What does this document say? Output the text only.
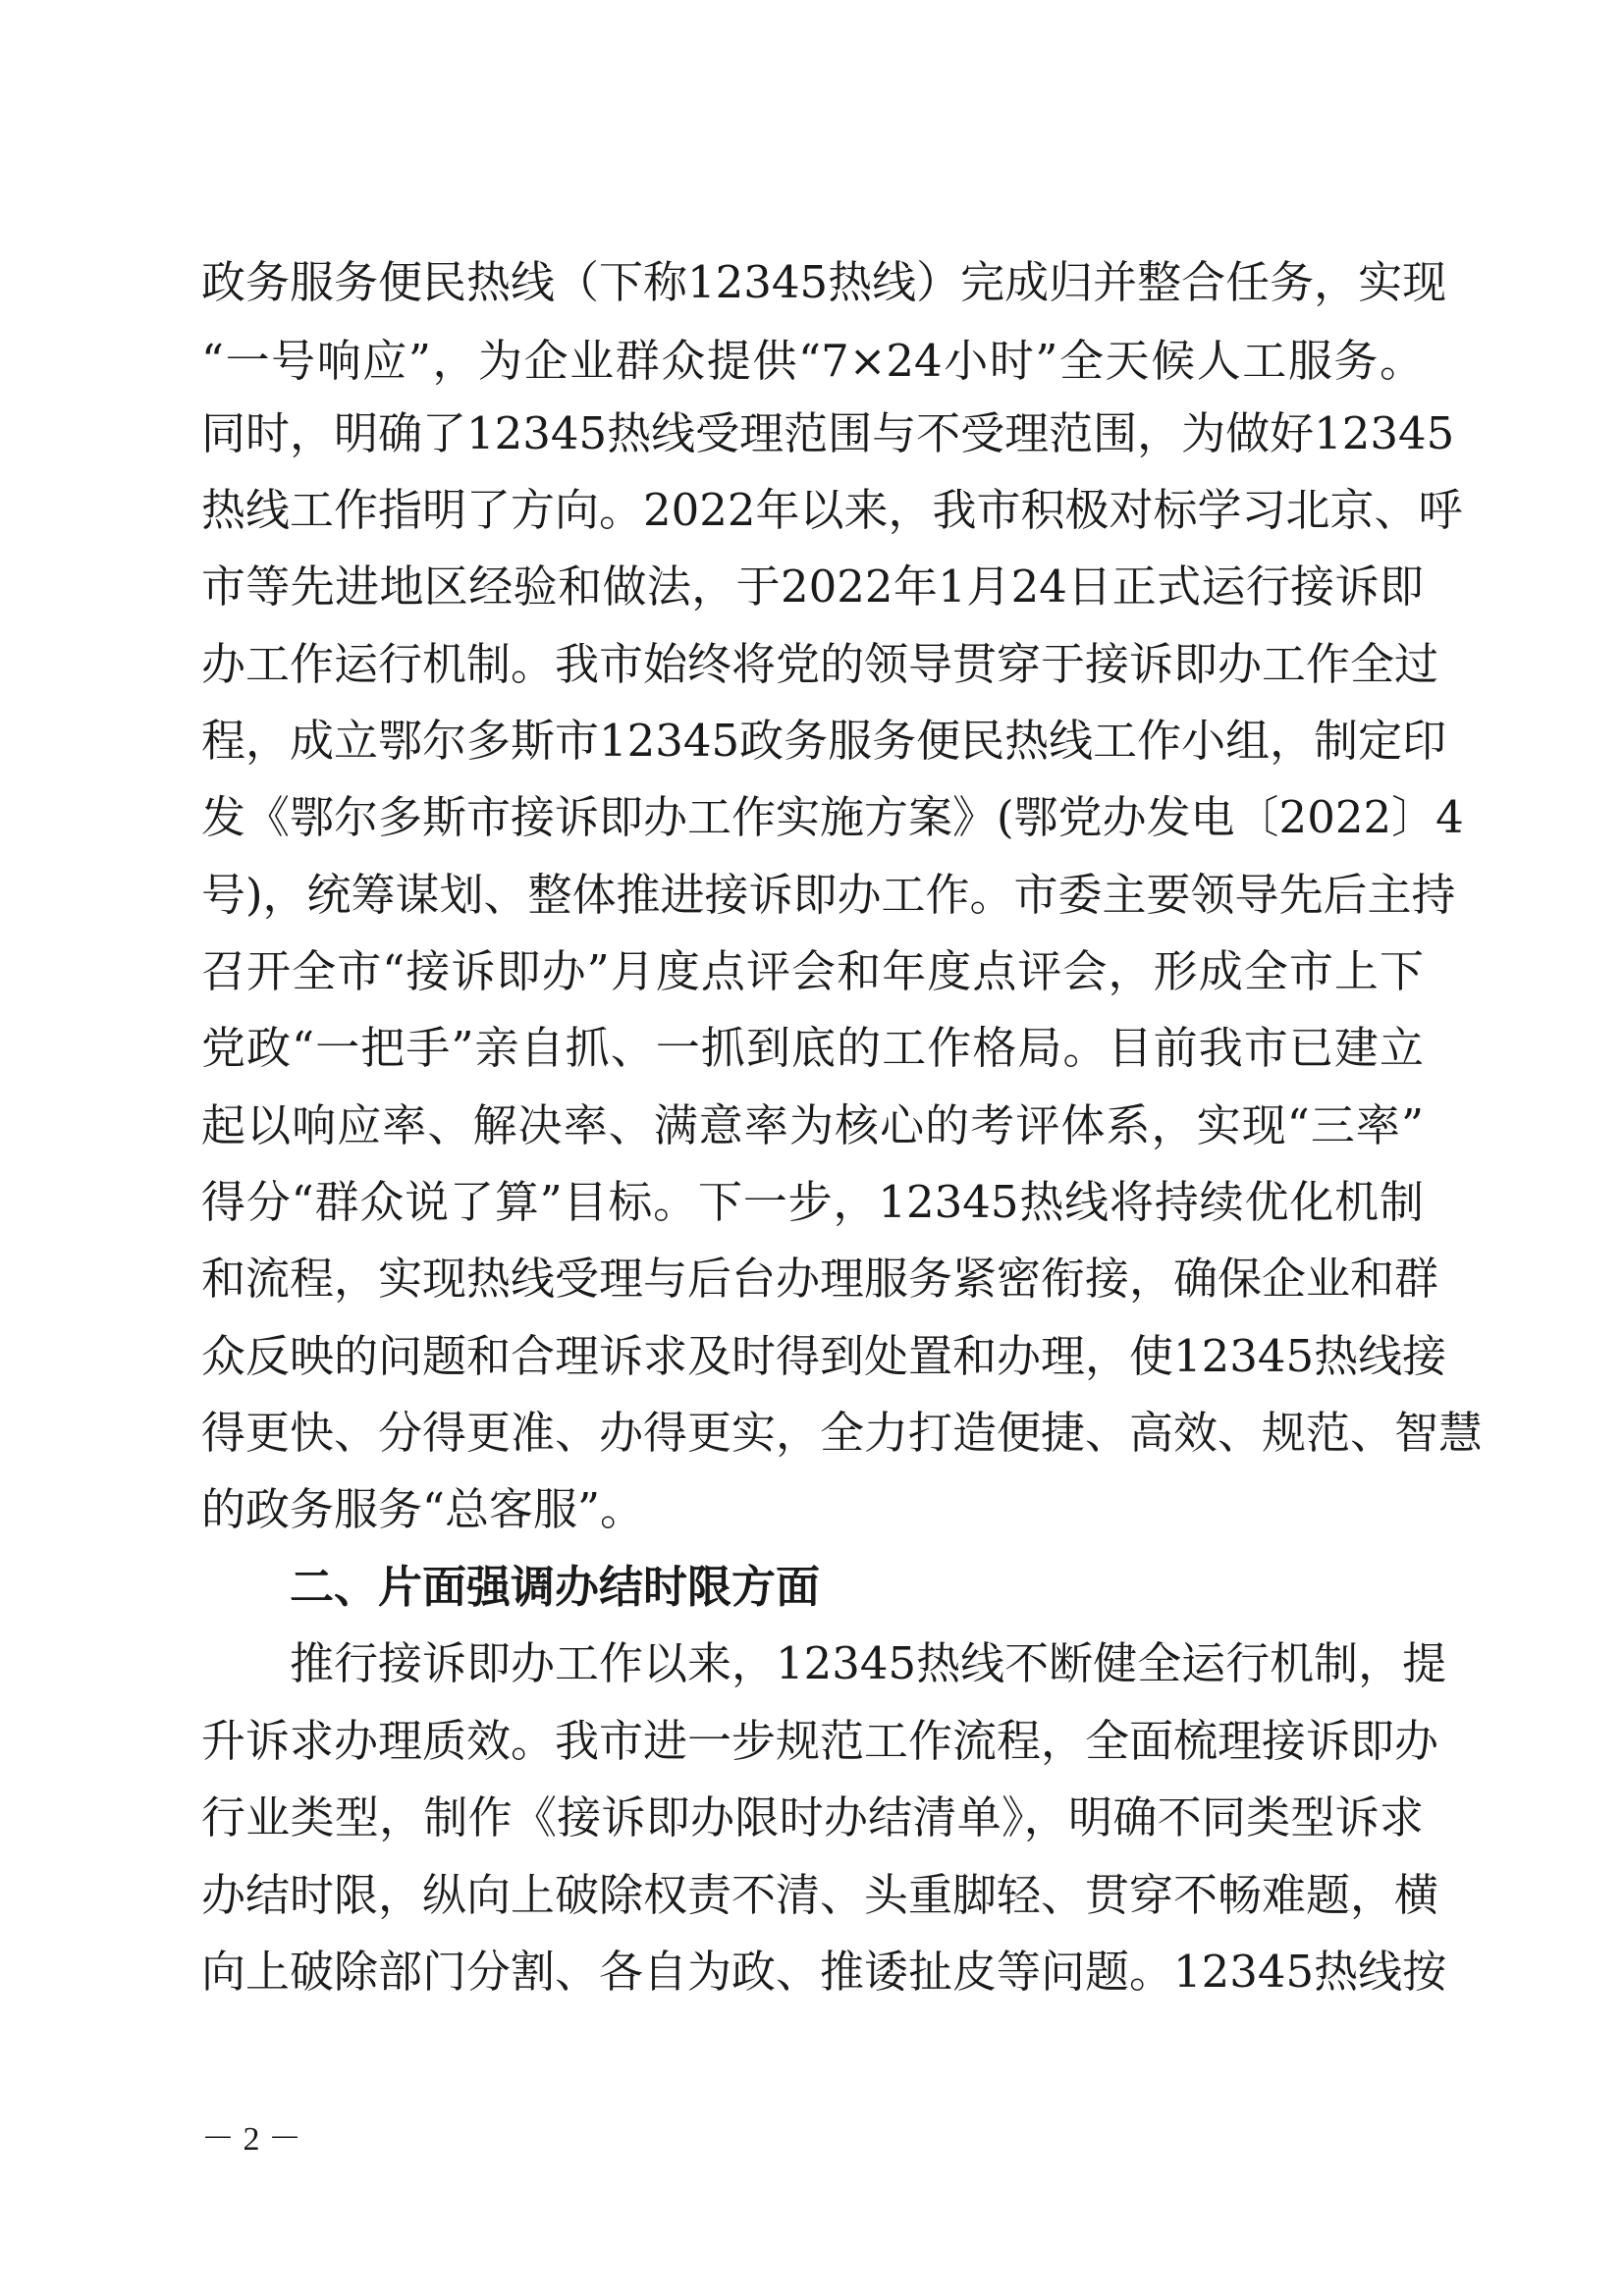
政务服务便民热线（下称12345热线）完成归并整合任务，实现
“一号响应”，为企业群众提供“7×24小时”全天候人工服务。
同时，明确了12345热线受理范围与不受理范围，为做好12345
热线工作指明了方向。2022年以来，我市积极对标学习北京、呼
市等先进地区经验和做法，于2022年1月24日正式运行接诉即
办工作运行机制。我市始终将党的领导贯穿于接诉即办工作全过
程，成立鄂尔多斯市12345政务服务便民热线工作小组，制定印
发《鄂尔多斯市接诉即办工作实施方案》(鄂党办发电〔2022〕4
号)，统筹谋划、整体推进接诉即办工作。市委主要领导先后主持
召开全市“接诉即办”月度点评会和年度点评会，形成全市上下
党政“一把手”亲自抓、一抓到底的工作格局。目前我市已建立
起以响应率、解决率、满意率为核心的考评体系，实现“三率”
得分“群众说了算”目标。下一步，12345热线将持续优化机制
和流程，实现热线受理与后台办理服务紧密衔接，确保企业和群
众反映的问题和合理诉求及时得到处置和办理，使12345热线接
得更快、分得更准、办得更实，全力打造便捷、高效、规范、智慧
的政务服务“总客服”。
二、片面强调办结时限方面
推行接诉即办工作以来，12345热线不断健全运行机制，提
升诉求办理质效。我市进一步规范工作流程，全面梳理接诉即办
行业类型，制作《接诉即办限时办结清单》，明确不同类型诉求
办结时限，纵向上破除权责不清、头重脚轻、贯穿不畅难题，横
向上破除部门分割、各自为政、推诿扯皮等问题。12345热线按
－ 2 －
